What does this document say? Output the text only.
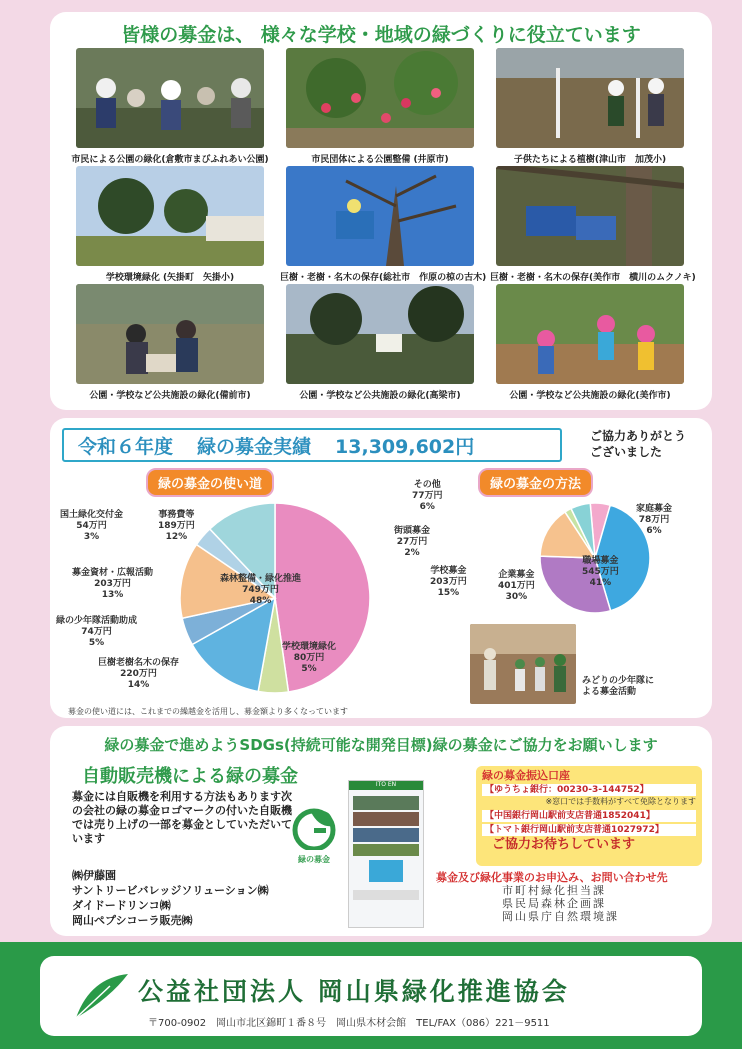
皆様の募金は、 様々な学校・地域の緑づくりに役立ています
市民による公園の緑化(倉敷市まびふれあい公園)	市民団体による公園整備 (井原市)	子供たちによる植樹(津山市　加茂小)
学校環境緑化 (矢掛町　矢掛小)	巨樹・老樹・名木の保存(総社市　作原の椋の古木) 巨樹・老樹・名木の保存(美作市　横川のムクノキ)
公園・学校など公共施設の緑化(備前市)	公園・学校など公共施設の緑化(高梁市)	公園・学校など公共施設の緑化(美作市)
令和６年度 緑の募金実績 13,309,602円	ご協力ありがとう
ございました
緑の募金の使い道	緑の募金の方法
森林整備・緑化推進
749万円
48%
学校環境緑化
80万円
5%
巨樹老樹名木の保存
220万円
14%
緑の少年隊活動助成
74万円
5%
募金資材・広報活動
203万円
13%
国土緑化交付金
54万円
3%
事務費等
189万円
12%
家庭募金
78万円
6%
職場募金
545万円
41%
企業募金
401万円
30%
学校募金
203万円
15%
街頭募金
27万円
2%
その他
77万円
6%
みどりの少年隊に
よる募金活動
募金の使い道には、これまでの繰越金を活用し、募金額より多くなっています
緑の募金で進めようSDGs(持続可能な開発目標)緑の募金にご協力をお願いします
自動販売機による緑の募金
募金には自販機を利用する方法もあります次の会社の緑の募金ロゴマークの付いた自販機では売り上げの一部を募金としていただいています
㈱伊藤園
サントリービバレッジソリューション㈱
ダイドードリンコ㈱
岡山ペプシコーラ販売㈱
緑の募金
ITO EN
緑の募金振込口座
【ゆうちょ銀行：00230-3-144752】
※窓口では手数料がすべて免除となります
【中国銀行岡山駅前支店普通1852041】
【トマト銀行岡山駅前支店普通1027972】
ご協力お待ちしています
募金及び緑化事業のお申込み、お問い合わせ先
市町村緑化担当課
県民局森林企画課
岡山県庁自然環境課
公益社団法人 岡山県緑化推進協会
〒700-0902　岡山市北区錦町１番８号　岡山県木材会館　TEL/FAX（086）221－9511
